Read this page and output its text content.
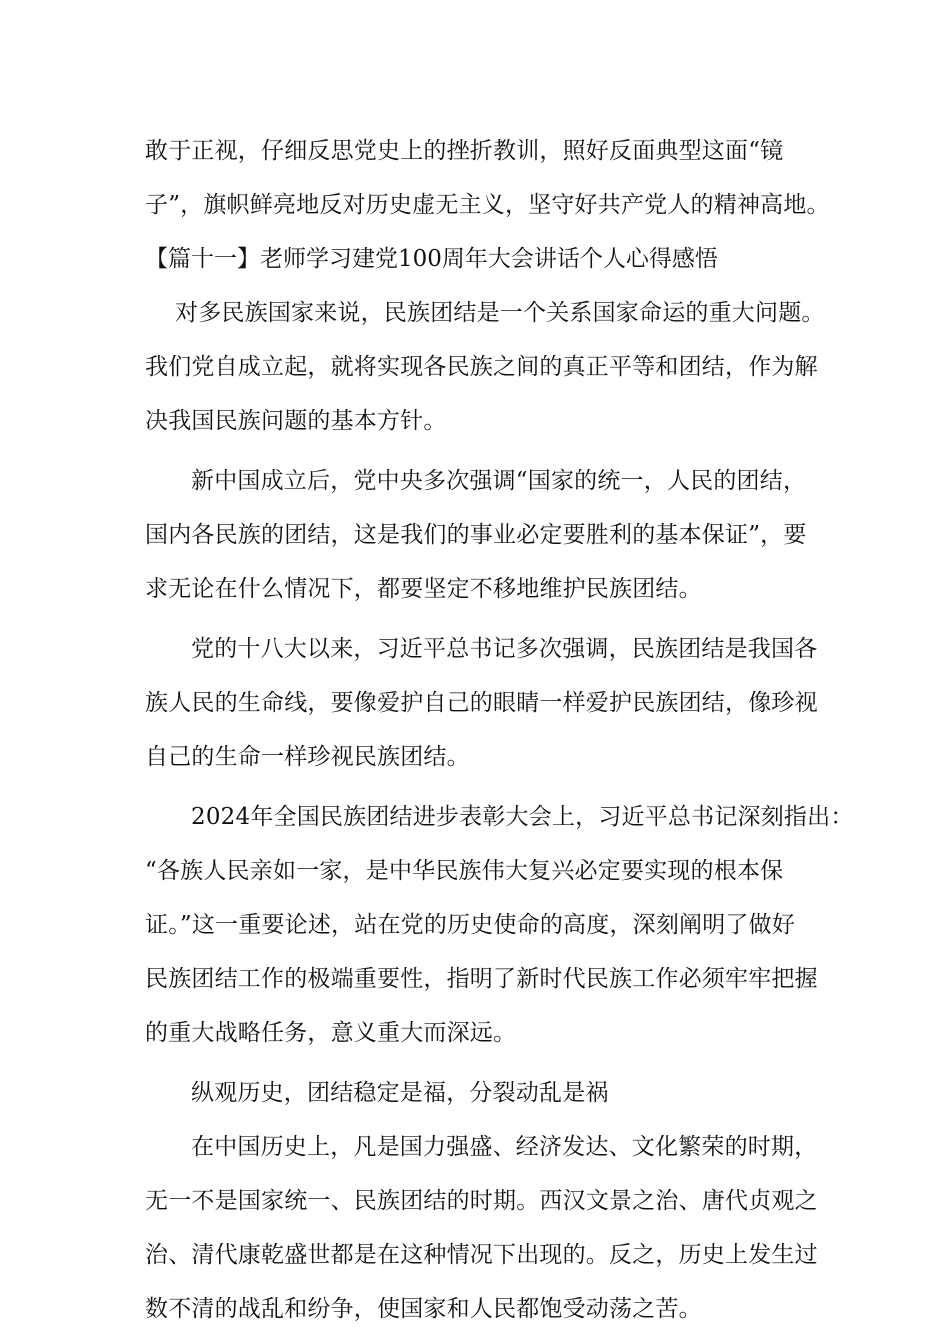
敢于正视，仔细反思党史上的挫折教训，照好反面典型这面“镜
子”，旗帜鲜亮地反对历史虚无主义，坚守好共产党人的精神高地。
【篇十一】老师学习建党100周年大会讲话个人心得感悟
对多民族国家来说，民族团结是一个关系国家命运的重大问题。
我们党自成立起，就将实现各民族之间的真正平等和团结，作为解
决我国民族问题的基本方针。
新中国成立后，党中央多次强调“国家的统一，人民的团结，
国内各民族的团结，这是我们的事业必定要胜利的基本保证”，要
求无论在什么情况下，都要坚定不移地维护民族团结。
党的十八大以来，习近平总书记多次强调，民族团结是我国各
族人民的生命线，要像爱护自己的眼睛一样爱护民族团结，像珍视
自己的生命一样珍视民族团结。
2024年全国民族团结进步表彰大会上，习近平总书记深刻指出：
“各族人民亲如一家，是中华民族伟大复兴必定要实现的根本保
证。”这一重要论述，站在党的历史使命的高度，深刻阐明了做好
民族团结工作的极端重要性，指明了新时代民族工作必须牢牢把握
的重大战略任务，意义重大而深远。
纵观历史，团结稳定是福，分裂动乱是祸
在中国历史上，凡是国力强盛、经济发达、文化繁荣的时期，
无一不是国家统一、民族团结的时期。西汉文景之治、唐代贞观之
治、清代康乾盛世都是在这种情况下出现的。反之，历史上发生过
数不清的战乱和纷争，使国家和人民都饱受动荡之苦。
